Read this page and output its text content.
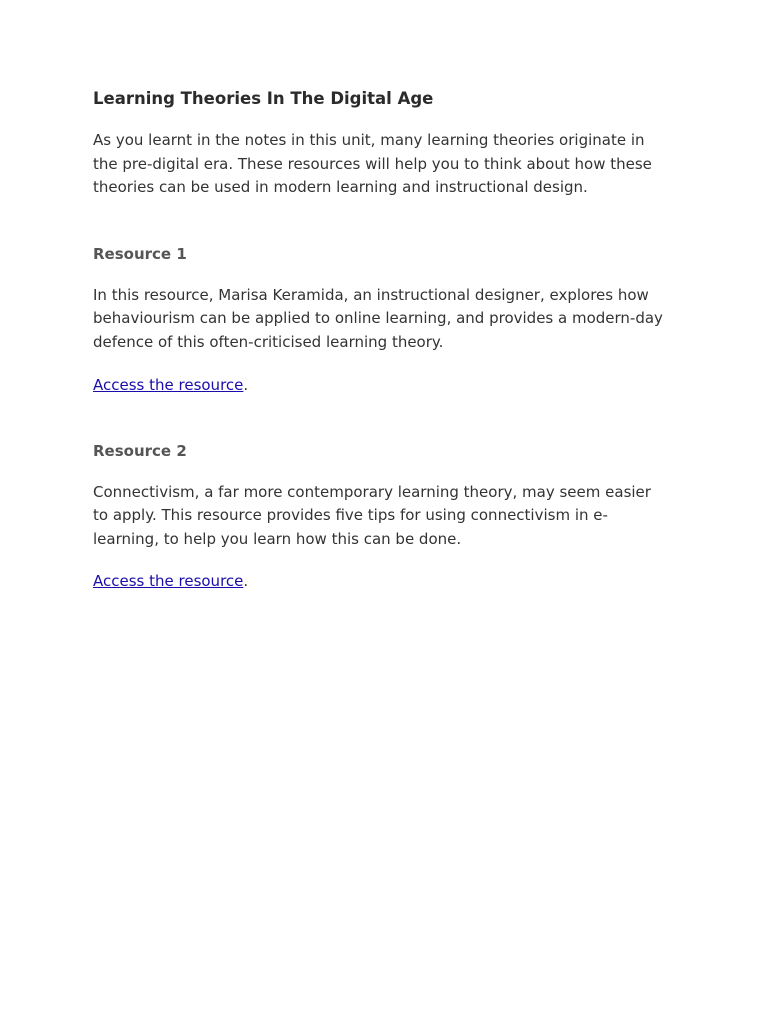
Learning Theories In The Digital Age

As you learnt in the notes in this unit, many learning theories originate in the pre-digital era. These resources will help you to think about how these theories can be used in modern learning and instructional design.

Resource 1

In this resource, Marisa Keramida, an instructional designer, explores how behaviourism can be applied to online learning, and provides a modern-day defence of this often-criticised learning theory.

Access the resource.

Resource 2

Connectivism, a far more contemporary learning theory, may seem easier to apply. This resource provides five tips for using connectivism in e-learning, to help you learn how this can be done.

Access the resource.
